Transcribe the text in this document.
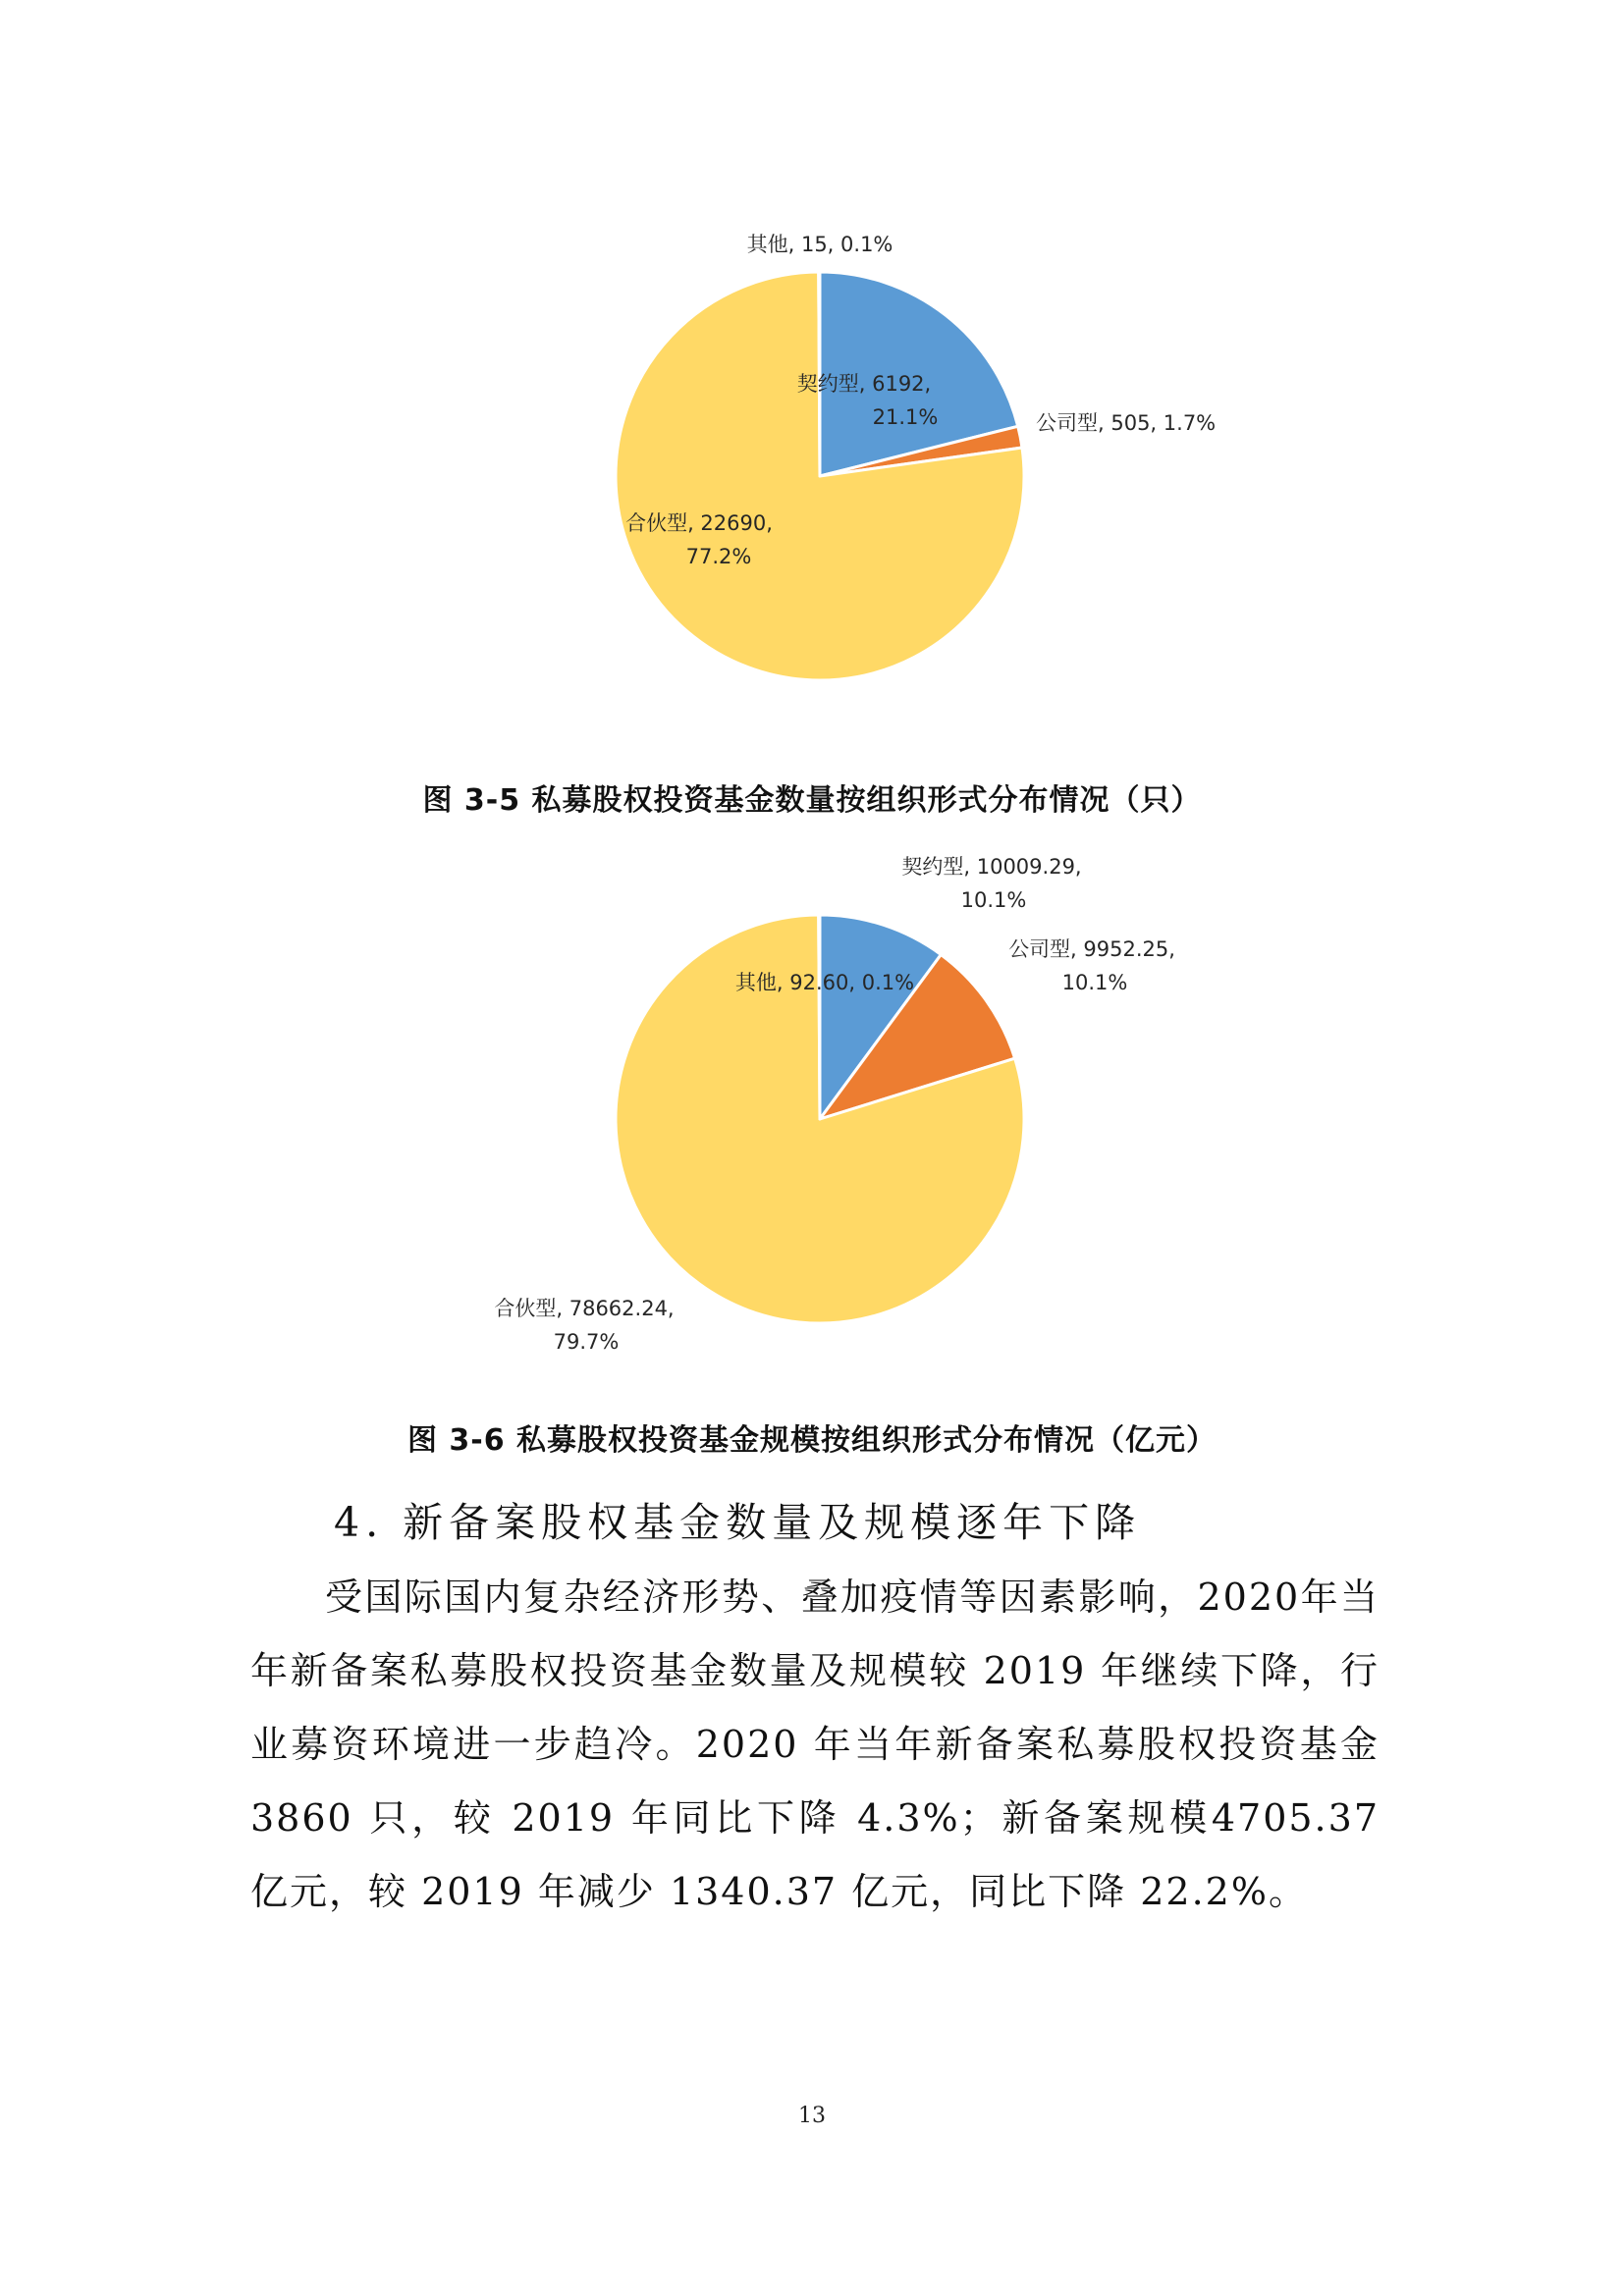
其他, 15, 0.1%
契约型, 6192,
21.1%	公司型, 505, 1.7%
合伙型, 22690,
77.2%
图 3-5 私募股权投资基金数量按组织形式分布情况（只）
契约型, 10009.29,
10.1%
公司型, 9952.25,
10.1%
其他, 92.60, 0.1%
合伙型, 78662.24,
79.7%
图 3-6 私募股权投资基金规模按组织形式分布情况（亿元）
4. 新备案股权基金数量及规模逐年下降

受国际国内复杂经济形势、叠加疫情等因素影响，2020年当年新备案私募股权投资基金数量及规模较 2019 年继续下降，行业募资环境进一步趋冷。2020 年当年新备案私募股权投资基金 3860 只，较 2019 年同比下降 4.3%；新备案规模4705.37 亿元，较 2019 年减少 1340.37 亿元，同比下降 22.2%。

13
